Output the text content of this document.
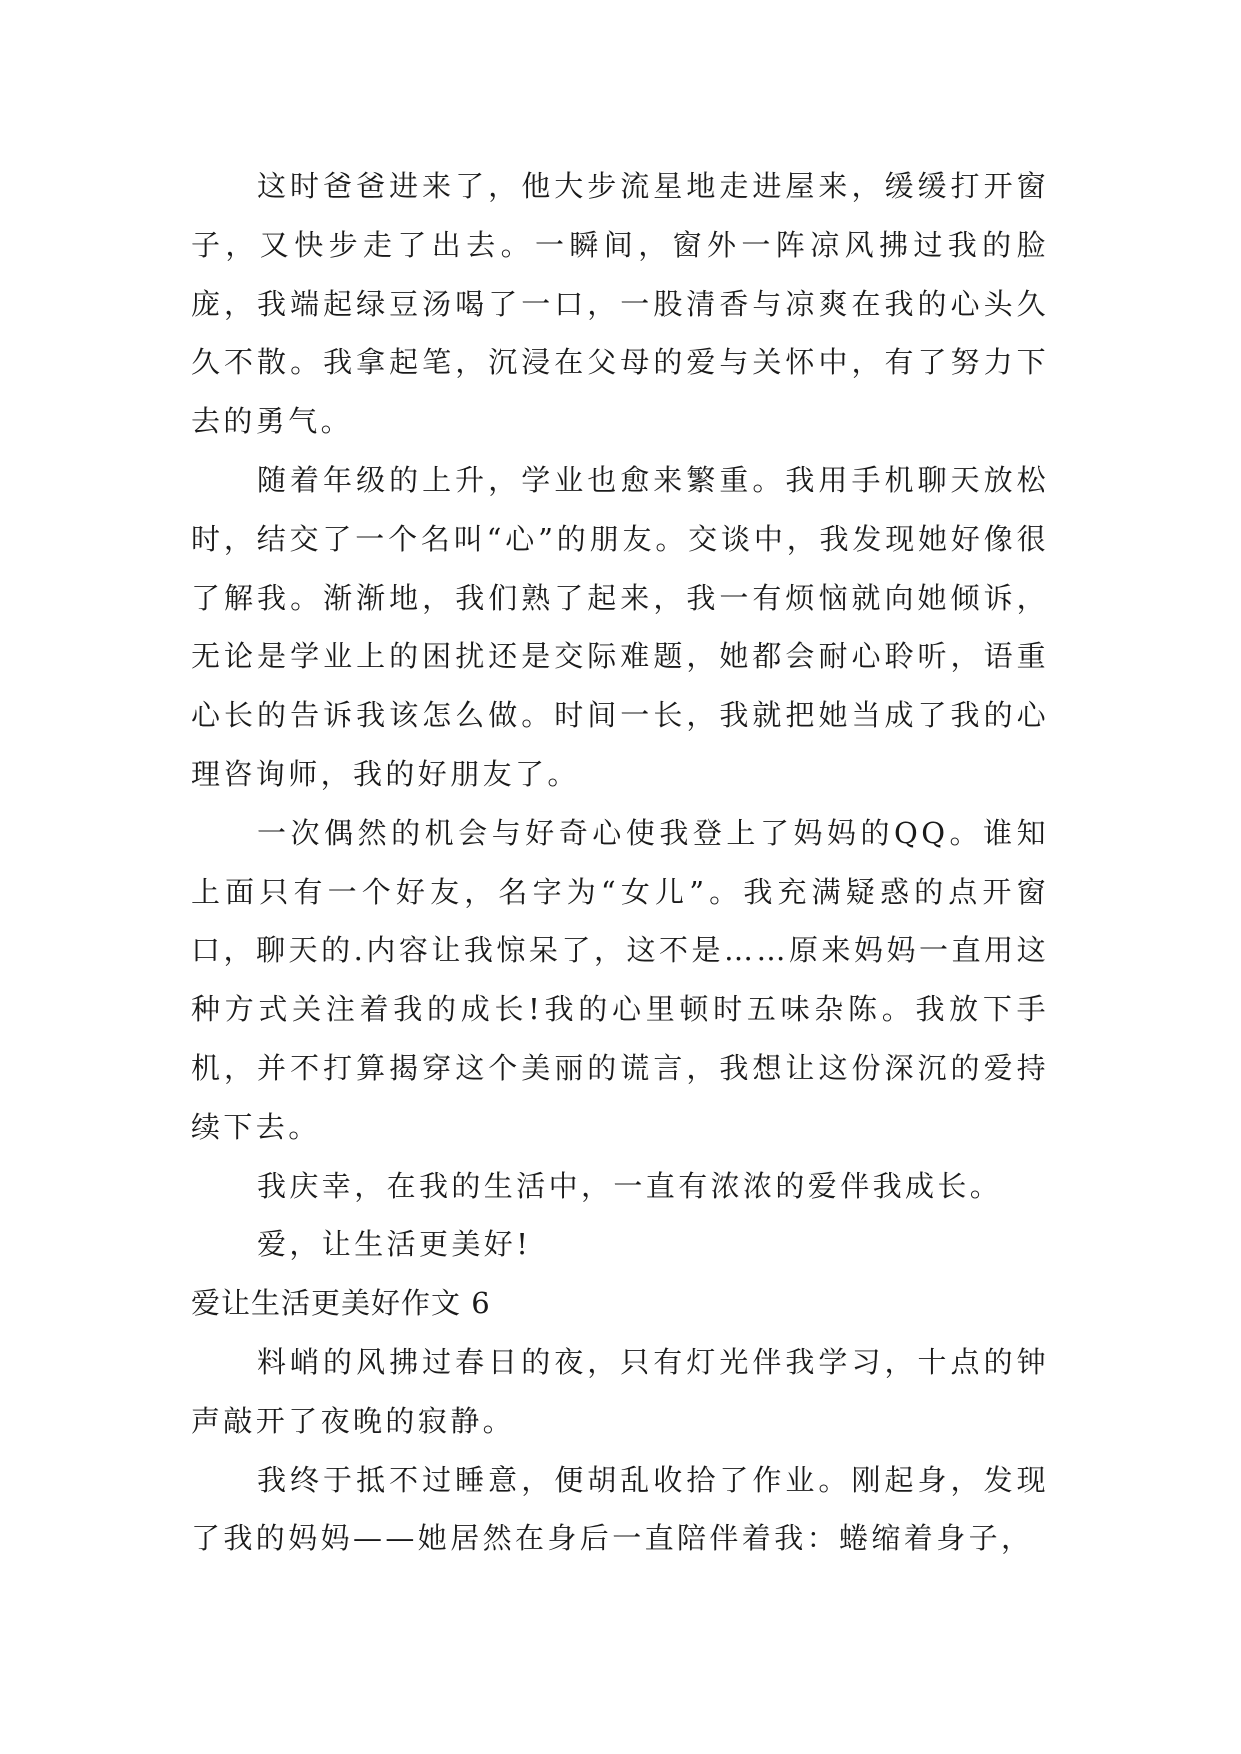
这时爸爸进来了，他大步流星地走进屋来，缓缓打开窗子，又快步走了出去。一瞬间，窗外一阵凉风拂过我的脸庞，我端起绿豆汤喝了一口，一股清香与凉爽在我的心头久久不散。我拿起笔，沉浸在父母的爱与关怀中，有了努力下去的勇气。

随着年级的上升，学业也愈来繁重。我用手机聊天放松时，结交了一个名叫“心”的朋友。交谈中，我发现她好像很了解我。渐渐地，我们熟了起来，我一有烦恼就向她倾诉，无论是学业上的困扰还是交际难题，她都会耐心聆听，语重心长的告诉我该怎么做。时间一长，我就把她当成了我的心理咨询师，我的好朋友了。

一次偶然的机会与好奇心使我登上了妈妈的QQ。谁知上面只有一个好友，名字为“女儿”。我充满疑惑的点开窗口，聊天的.内容让我惊呆了，这不是……原来妈妈一直用这种方式关注着我的成长!我的心里顿时五味杂陈。我放下手机，并不打算揭穿这个美丽的谎言，我想让这份深沉的爱持续下去。

我庆幸，在我的生活中，一直有浓浓的爱伴我成长。

爱，让生活更美好!

爱让生活更美好作文 6

料峭的风拂过春日的夜，只有灯光伴我学习，十点的钟声敲开了夜晚的寂静。

我终于抵不过睡意，便胡乱收拾了作业。刚起身，发现了我的妈妈——她居然在身后一直陪伴着我：蜷缩着身子，
